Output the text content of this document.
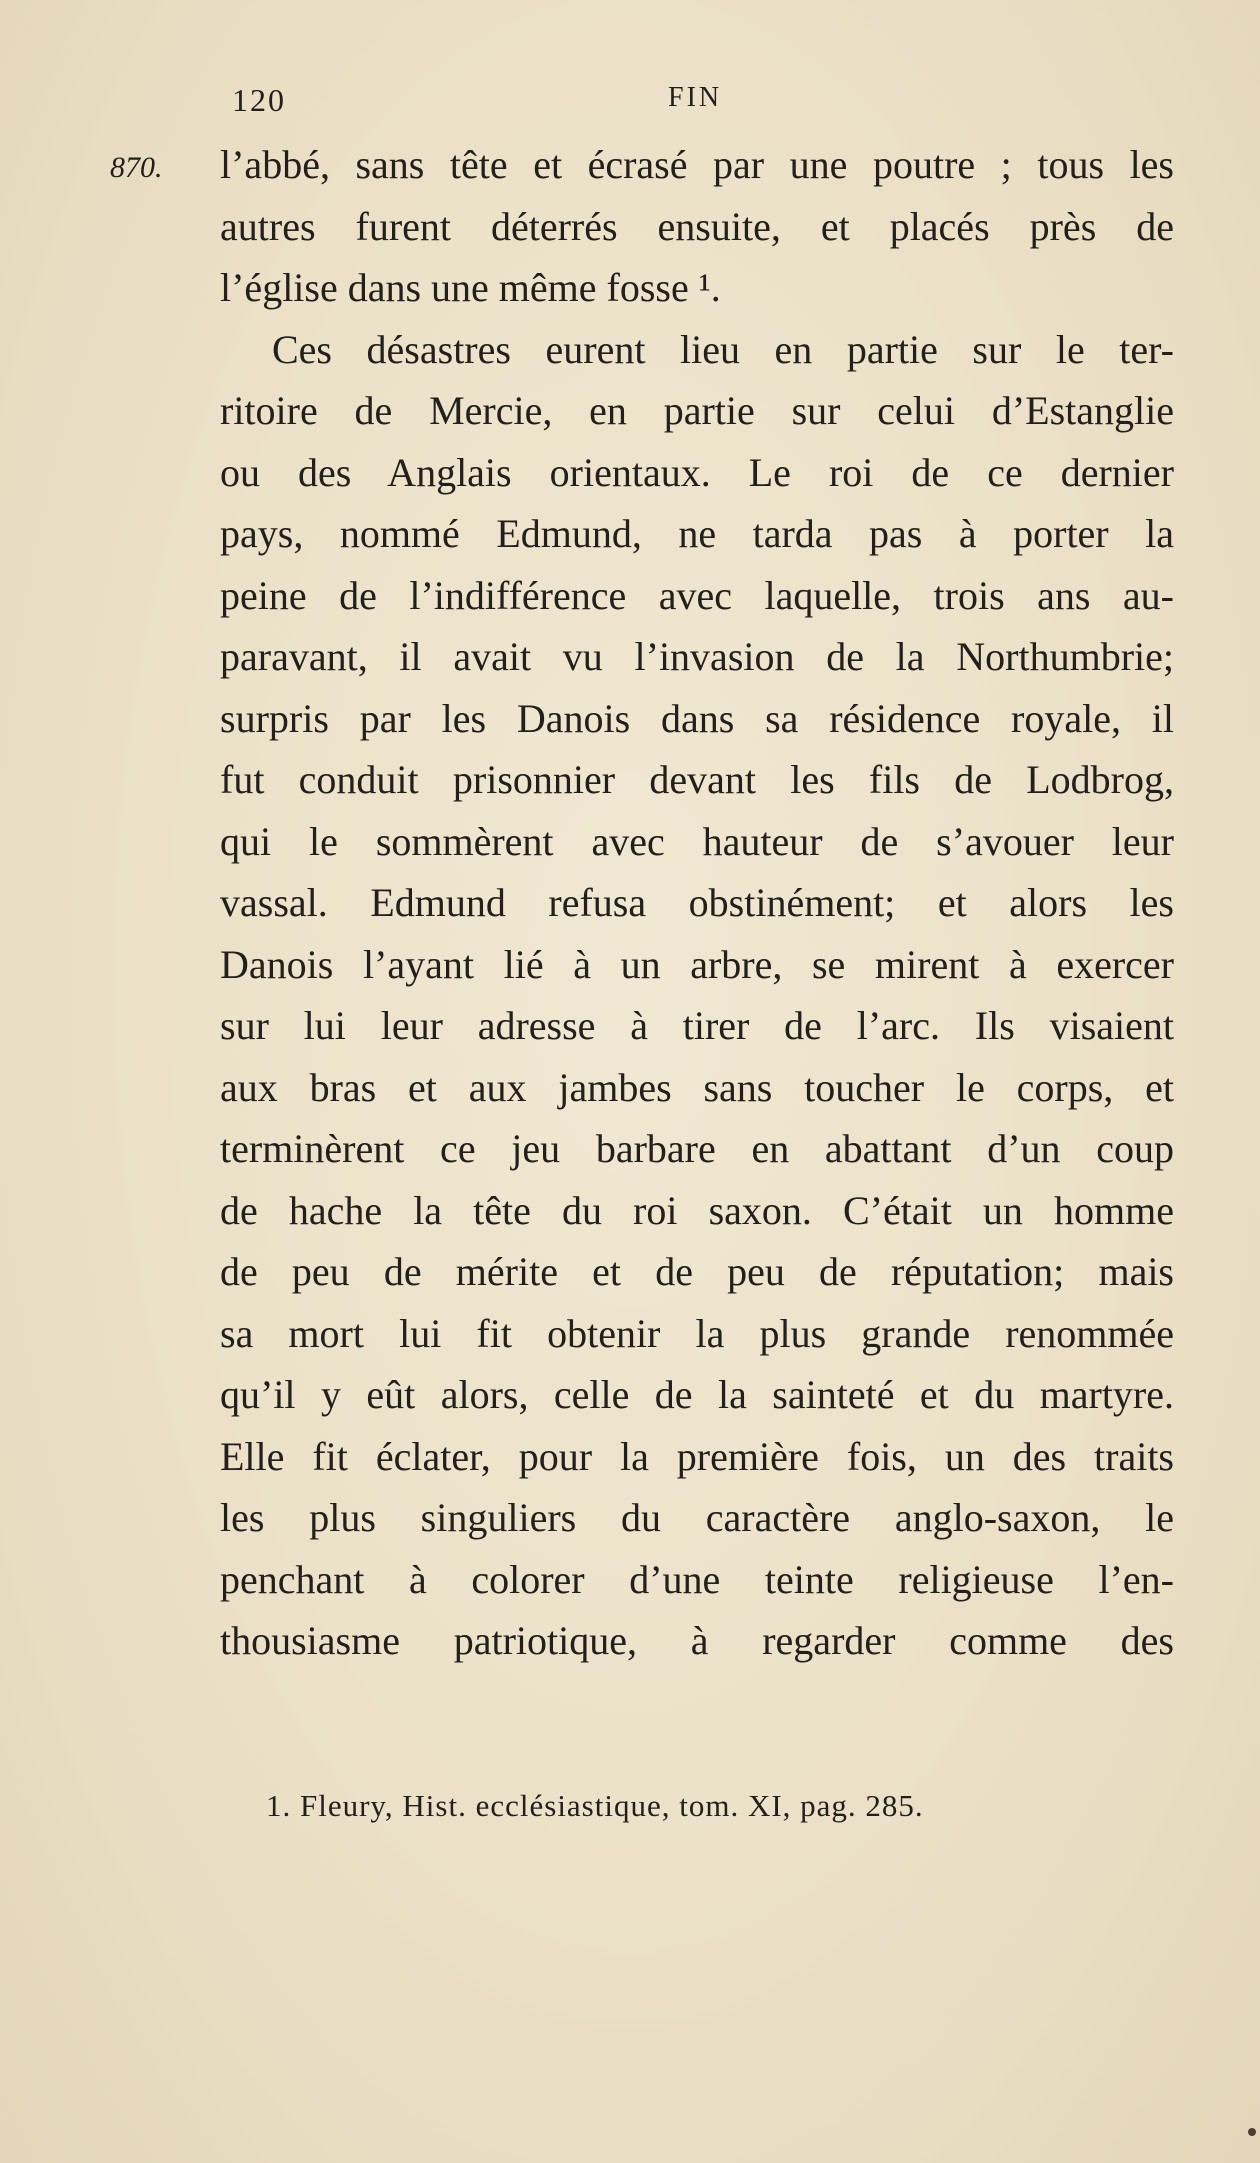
120	FIN
870. l’abbé, sans tête et écrasé par une poutre ; tous les
autres furent déterrés ensuite, et placés près de
l’église dans une même fosse ¹.
Ces désastres eurent lieu en partie sur le ter-
ritoire de Mercie, en partie sur celui d’Estanglie
ou des Anglais orientaux. Le roi de ce dernier
pays, nommé Edmund, ne tarda pas à porter la
peine de l’indifférence avec laquelle, trois ans au-
paravant, il avait vu l’invasion de la Northumbrie;
surpris par les Danois dans sa résidence royale, il
fut conduit prisonnier devant les fils de Lodbrog,
qui le sommèrent avec hauteur de s’avouer leur
vassal. Edmund refusa obstinément; et alors les
Danois l’ayant lié à un arbre, se mirent à exercer
sur lui leur adresse à tirer de l’arc. Ils visaient
aux bras et aux jambes sans toucher le corps, et
terminèrent ce jeu barbare en abattant d’un coup
de hache la tête du roi saxon. C’était un homme
de peu de mérite et de peu de réputation; mais
sa mort lui fit obtenir la plus grande renommée
qu’il y eût alors, celle de la sainteté et du martyre.
Elle fit éclater, pour la première fois, un des traits
les plus singuliers du caractère anglo-saxon, le
penchant à colorer d’une teinte religieuse l’en-
thousiasme patriotique, à regarder comme des
1. Fleury, Hist. ecclésiastique, tom. XI, pag. 285.
